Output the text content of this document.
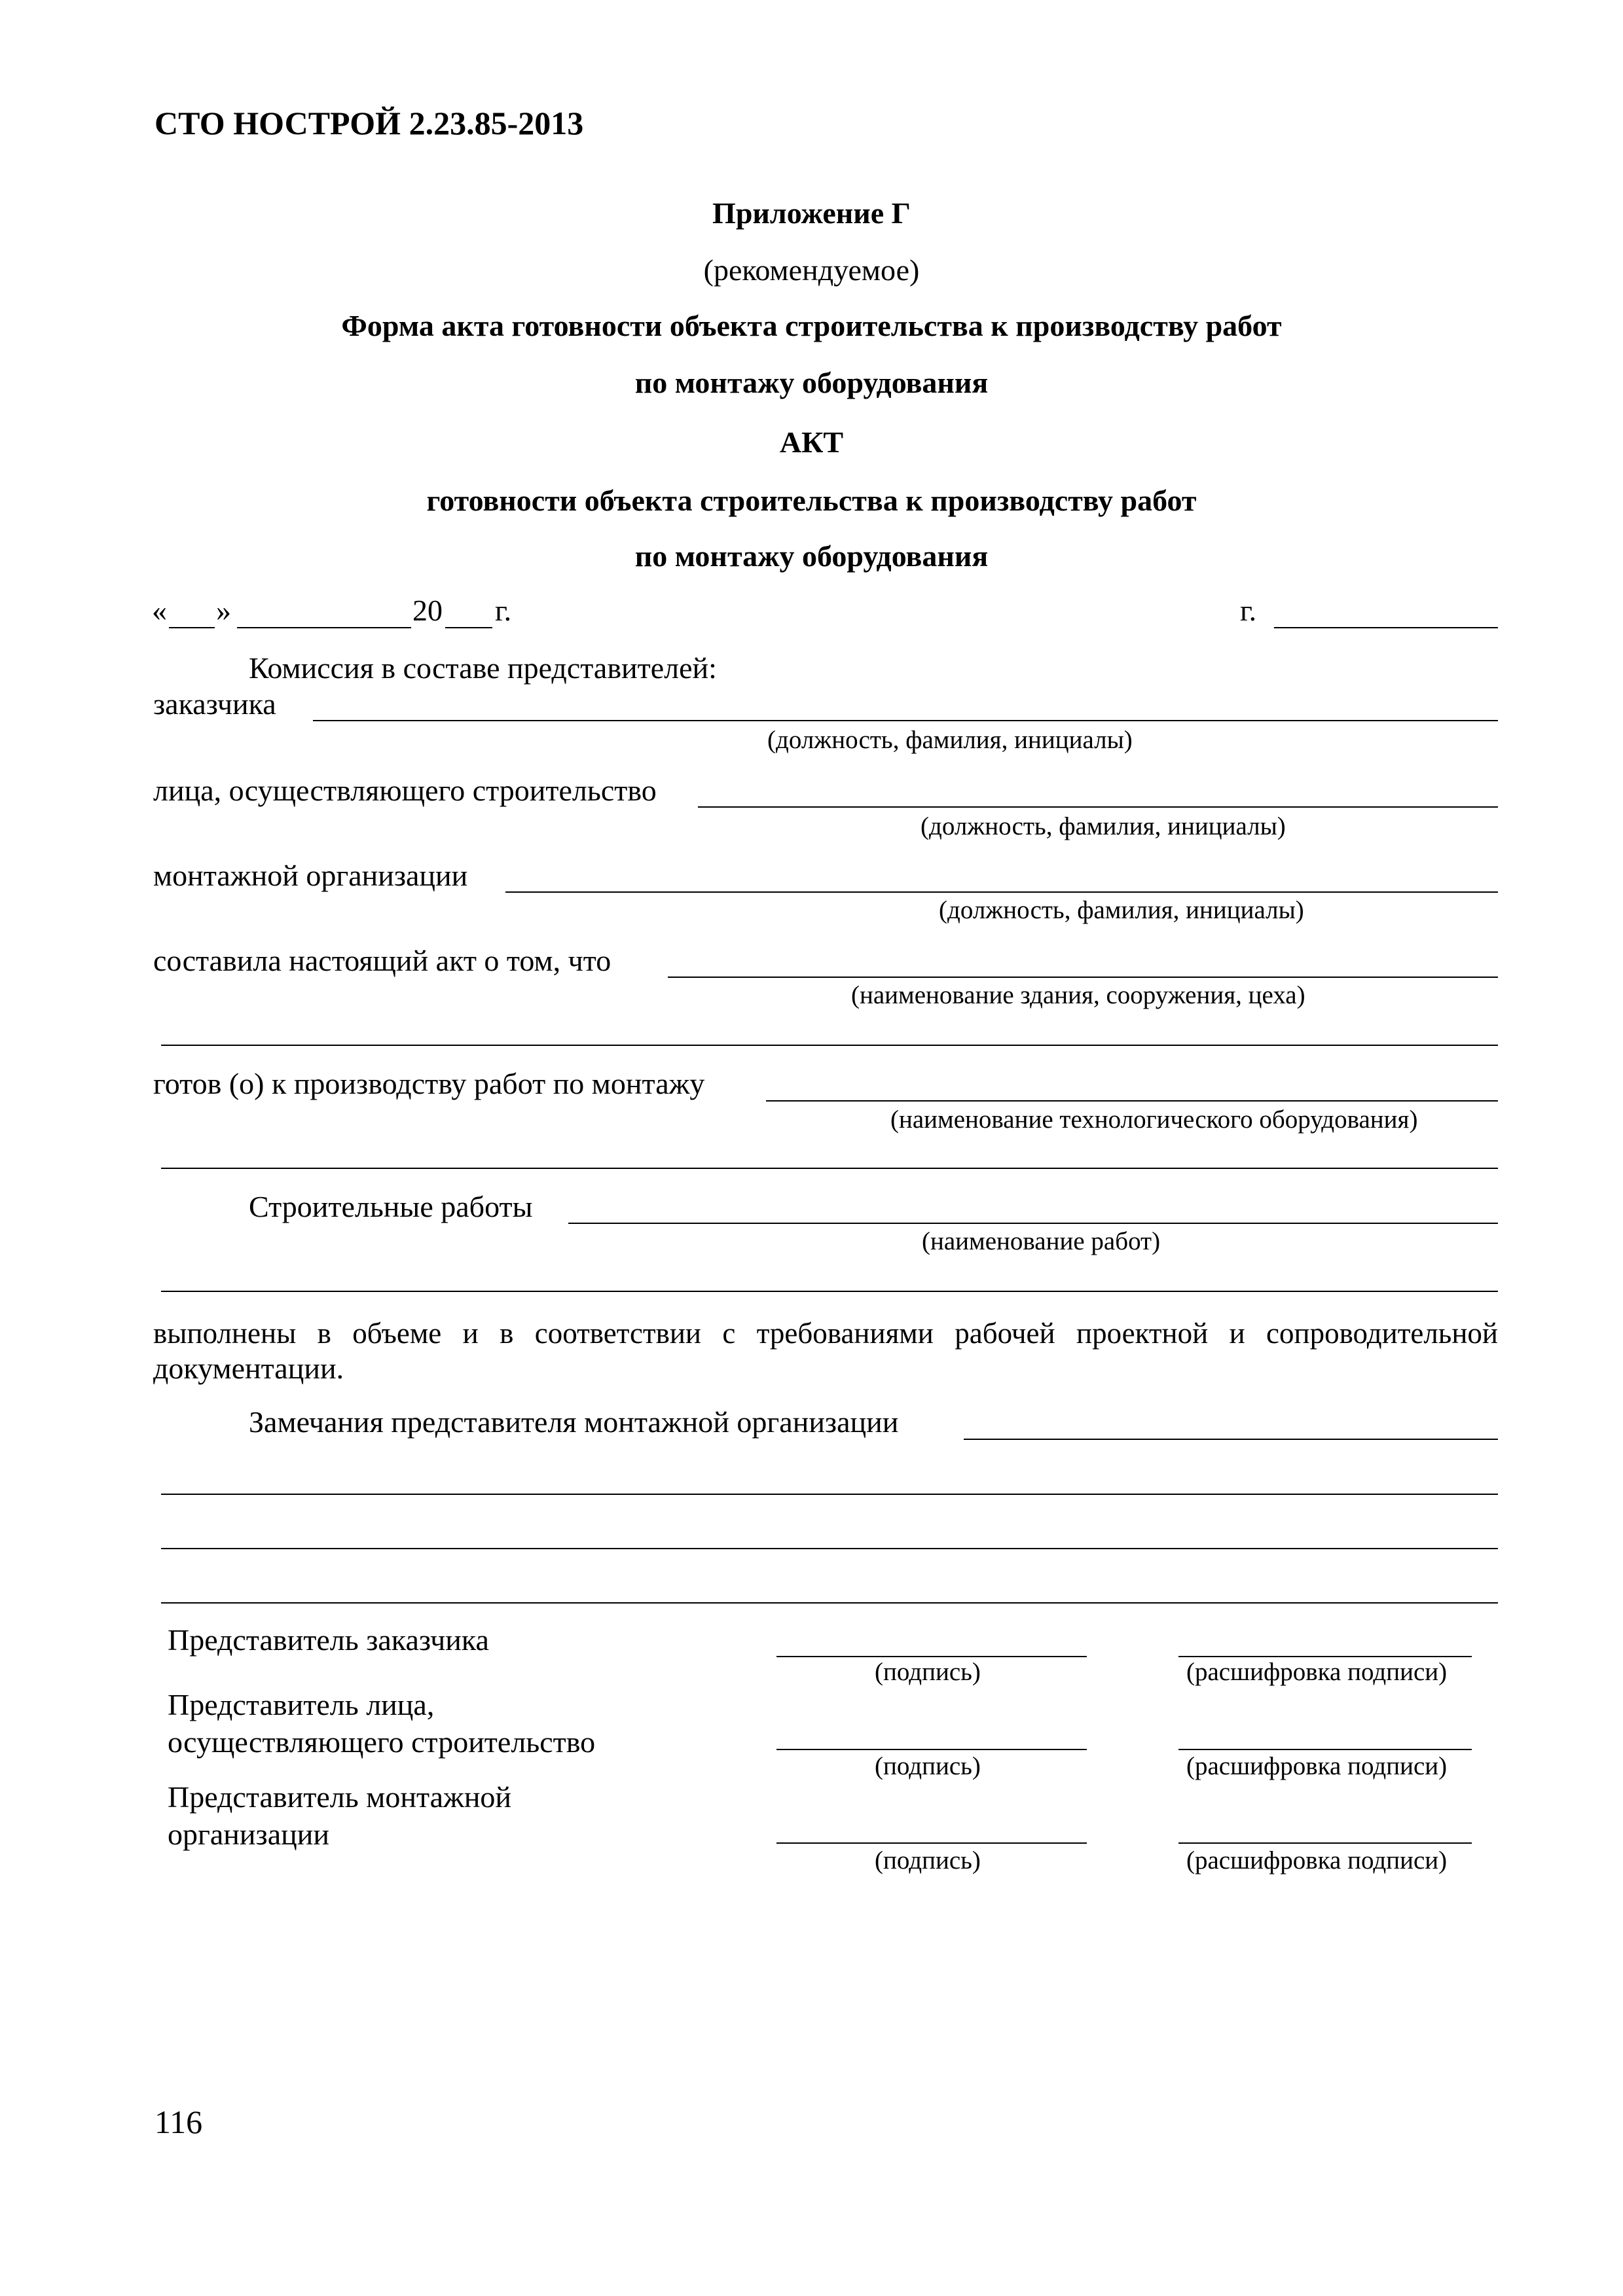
СТО НОСТРОЙ 2.23.85-2013
Приложение Г
(рекомендуемое)
Форма акта готовности объекта строительства к производству работ
по монтажу оборудования
АКТ
готовности объекта строительства к производству работ
по монтажу оборудования
« »	20 г.	г.
Комиссия в составе представителей:
заказчика
(должность, фамилия, инициалы)
лица, осуществляющего строительство
(должность, фамилия, инициалы)
монтажной организации
(должность, фамилия, инициалы)
составила настоящий акт о том, что
(наименование здания, сооружения, цеха)
готов (о) к производству работ по монтажу
(наименование технологического оборудования)
Строительные работы
(наименование работ)
выполнены в объеме и в соответствии с требованиями рабочей проектной и сопроводительной
документации.
Замечания представителя монтажной организации
Представитель заказчика
(подпись)	(расшифровка подписи)
Представитель лица,
осуществляющего строительство
(подпись)	(расшифровка подписи)
Представитель монтажной
организации
(подпись)	(расшифровка подписи)
116
